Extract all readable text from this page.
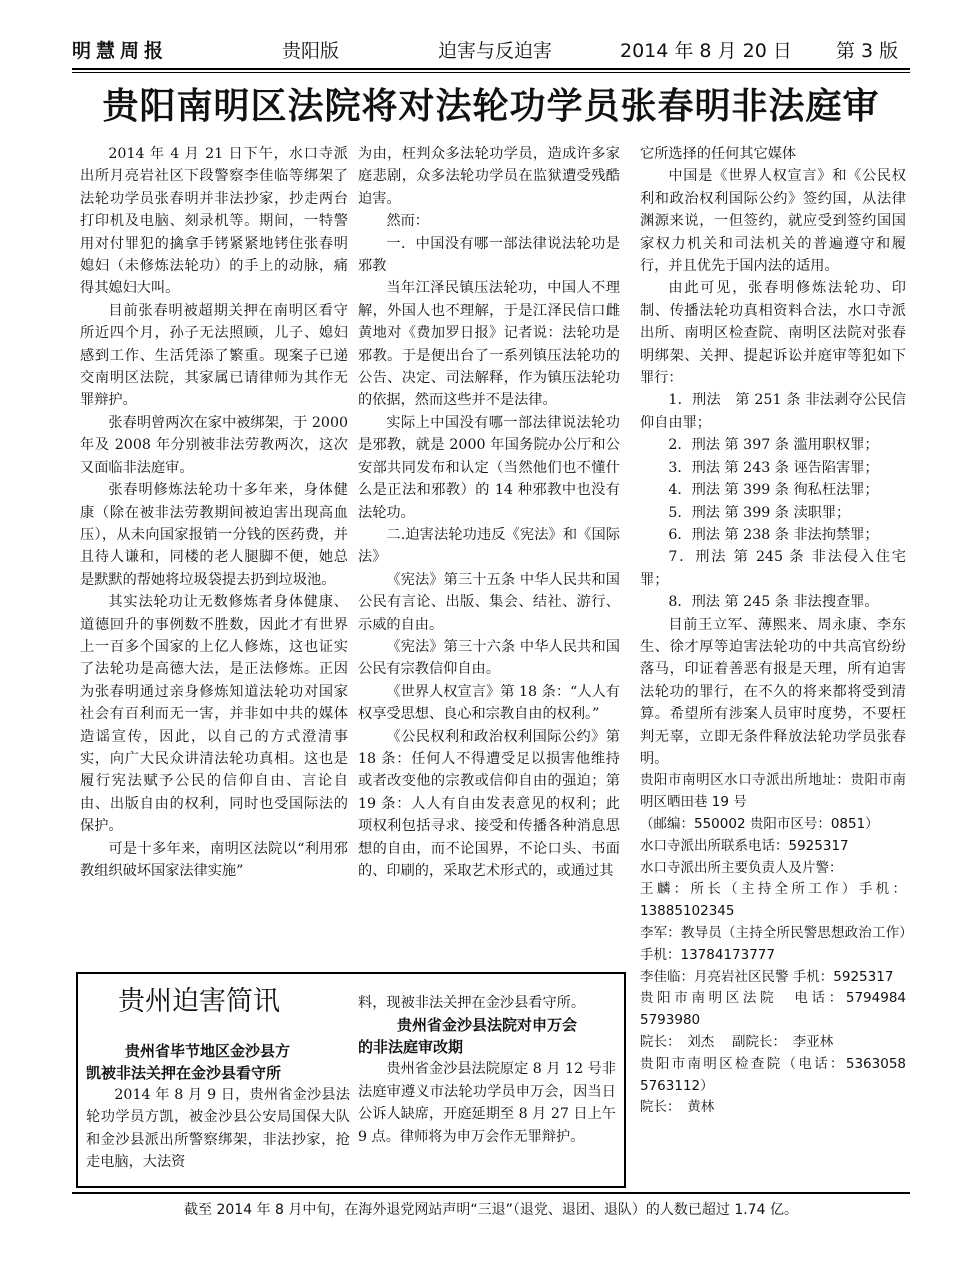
明慧周报	贵阳版	迫害与反迫害	2014 年 8 月 20 日 第 3 版
贵阳南明区法院将对法轮功学员张春明非法庭审

2014 年 4 月 21 日下午，水口寺派出所月亮岩社区下段警察李佳临等绑架了法轮功学员张春明并非法抄家，抄走两台打印机及电脑、刻录机等。期间，一特警用对付罪犯的擒拿手铐紧紧地铐住张春明媳妇（未修炼法轮功）的手上的动脉，痛得其媳妇大叫。

目前张春明被超期关押在南明区看守所近四个月，孙子无法照顾，儿子、媳妇感到工作、生活凭添了繁重。现案子已递交南明区法院，其家属已请律师为其作无罪辩护。

张春明曾两次在家中被绑架，于 2000 年及 2008 年分别被非法劳教两次，这次又面临非法庭审。

张春明修炼法轮功十多年来，身体健康（除在被非法劳教期间被迫害出现高血压），从未向国家报销一分钱的医药费，并且待人谦和，同楼的老人腿脚不便，她总是默默的帮她将垃圾袋提去扔到垃圾池。

其实法轮功让无数修炼者身体健康、道德回升的事例数不胜数，因此才有世界上一百多个国家的上亿人修炼，这也证实了法轮功是高德大法，是正法修炼。正因为张春明通过亲身修炼知道法轮功对国家社会有百利而无一害，并非如中共的媒体造谣宣传，因此，以自己的方式澄清事实，向广大民众讲清法轮功真相。这也是履行宪法赋予公民的信仰自由、言论自由、出版自由的权利，同时也受国际法的保护。

可是十多年来，南明区法院以“利用邪教组织破坏国家法律实施”

为由，枉判众多法轮功学员，造成许多家庭悲剧，众多法轮功学员在监狱遭受残酷迫害。

然而：

一．中国没有哪一部法律说法轮功是邪教

当年江泽民镇压法轮功，中国人不理解，外国人也不理解，于是江泽民信口雌黄地对《费加罗日报》记者说：法轮功是邪教。于是便出台了一系列镇压法轮功的公告、决定、司法解释，作为镇压法轮功的依据，然而这些并不是法律。

实际上中国没有哪一部法律说法轮功是邪教，就是 2000 年国务院办公厅和公安部共同发布和认定（当然他们也不懂什么是正法和邪教）的 14 种邪教中也没有法轮功。

二.迫害法轮功违反《宪法》和《国际法》

《宪法》第三十五条 中华人民共和国公民有言论、出版、集会、结社、游行、示威的自由。

《宪法》第三十六条 中华人民共和国公民有宗教信仰自由。

《世界人权宣言》第 18 条：“人人有权享受思想、良心和宗教自由的权利。”

《公民权利和政治权利国际公约》第 18 条：任何人不得遭受足以损害他维持或者改变他的宗教或信仰自由的强迫；第 19 条：人人有自由发表意见的权利；此项权利包括寻求、接受和传播各种消息思想的自由，而不论国界，不论口头、书面的、印刷的，采取艺术形式的，或通过其

它所选择的任何其它媒体

中国是《世界人权宣言》和《公民权利和政治权利国际公约》签约国，从法律渊源来说，一但签约，就应受到签约国国家权力机关和司法机关的普遍遵守和履行，并且优先于国内法的适用。

由此可见，张春明修炼法轮功、印制、传播法轮功真相资料合法，水口寺派出所、南明区检查院、南明区法院对张春明绑架、关押、提起诉讼并庭审等犯如下罪行：

1．刑法　第 251 条 非法剥夺公民信仰自由罪；

2．刑法 第 397 条 滥用职权罪；

3．刑法 第 243 条 诬告陷害罪；

4．刑法 第 399 条 徇私枉法罪；

5．刑法 第 399 条 渎职罪；

6．刑法 第 238 条 非法拘禁罪；

7．刑法 第 245 条 非法侵入住宅罪；

8．刑法 第 245 条 非法搜查罪。

目前王立军、薄熙来、周永康、李东生、徐才厚等迫害法轮功的中共高官纷纷落马，印证着善恶有报是天理，所有迫害法轮功的罪行，在不久的将来都将受到清算。希望所有涉案人员审时度势，不要枉判无辜，立即无条件释放法轮功学员张春明。

贵阳市南明区水口寺派出所地址：贵阳市南明区晒田巷 19 号

（邮编：550002 贵阳市区号：0851）

水口寺派出所联系电话：5925317

水口寺派出所主要负责人及片警：

王麟：所长（主持全所工作）手机：13885102345

李军：教导员（主持全所民警思想政治工作）手机：13784173777

李佳临：月亮岩社区民警 手机：5925317

贵阳市南明区法院　电话：5794984　5793980

院长：　刘杰　 副院长：　李亚林

贵阳市南明区检查院（电话：5363058　5763112）

院长：　黄林

贵州迫害简讯

贵州省毕节地区金沙县方

凯被非法关押在金沙县看守所

2014 年 8 月 9 日，贵州省金沙县法轮功学员方凯，被金沙县公安局国保大队和金沙县派出所警察绑架，非法抄家，抢走电脑，大法资

料，现被非法关押在金沙县看守所。

贵州省金沙县法院对申万会

的非法庭审改期

贵州省金沙县法院原定 8 月 12 号非法庭审遵义市法轮功学员申万会，因当日公诉人缺席，开庭延期至 8 月 27 日上午 9 点。律师将为申万会作无罪辩护。

截至 2014 年 8 月中旬，在海外退党网站声明“三退”（退党、退团、退队）的人数已超过 1.74 亿。
